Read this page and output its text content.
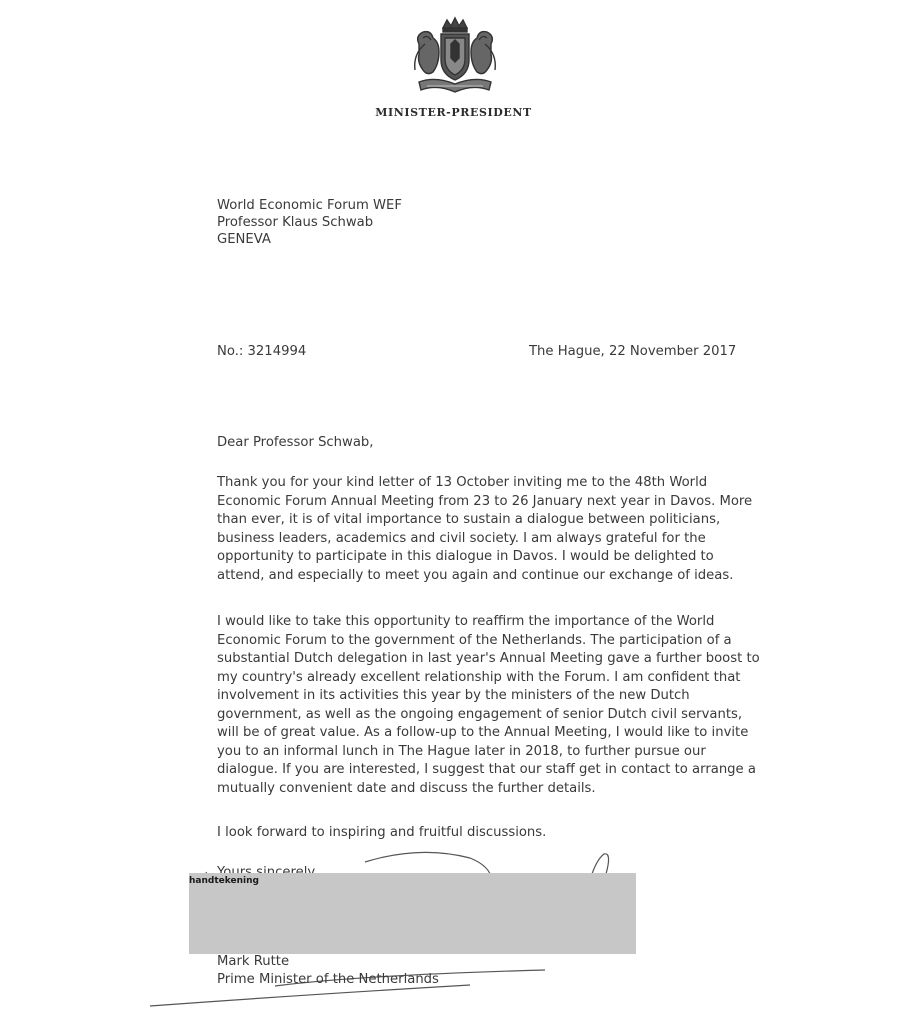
MINISTER-PRESIDENT
World Economic Forum WEF
Professor Klaus Schwab
GENEVA
No.: 3214994	The Hague, 22 November 2017
Dear Professor Schwab,
Thank you for your kind letter of 13 October inviting me to the 48th World
Economic Forum Annual Meeting from 23 to 26 January next year in Davos. More
than ever, it is of vital importance to sustain a dialogue between politicians,
business leaders, academics and civil society. I am always grateful for the
opportunity to participate in this dialogue in Davos. I would be delighted to
attend, and especially to meet you again and continue our exchange of ideas.
I would like to take this opportunity to reaffirm the importance of the World
Economic Forum to the government of the Netherlands. The participation of a
substantial Dutch delegation in last year's Annual Meeting gave a further boost to
my country's already excellent relationship with the Forum. I am confident that
involvement in its activities this year by the ministers of the new Dutch
government, as well as the ongoing engagement of senior Dutch civil servants,
will be of great value. As a follow-up to the Annual Meeting, I would like to invite
you to an informal lunch in The Hague later in 2018, to further pursue our
dialogue. If you are interested, I suggest that our staff get in contact to arrange a
mutually convenient date and discuss the further details.
I look forward to inspiring and fruitful discussions.
handtekening
Mark Rutte
Prime Minister of the Netherlands
